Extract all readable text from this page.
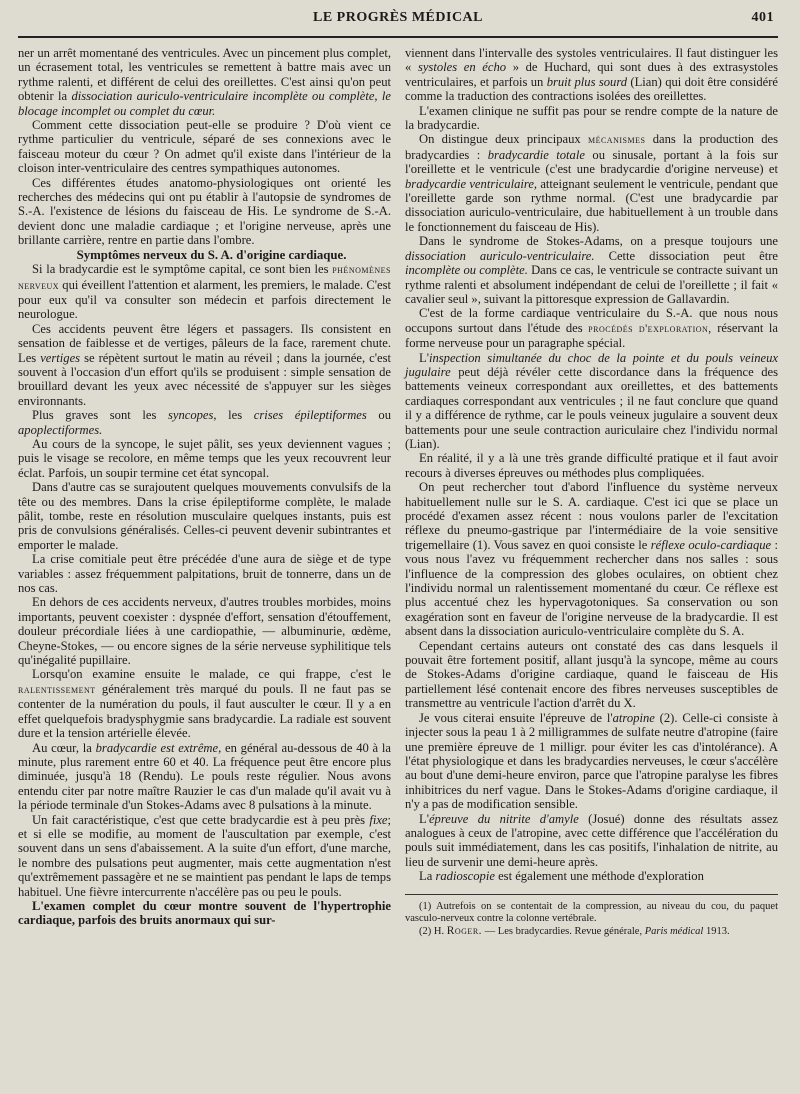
LE PROGRÈS MÉDICAL	401

ner un arrêt momentané des ventricules. Avec un pincement plus complet, un écrasement total, les ventricules se remettent à battre mais avec un rythme ralenti, et différent de celui des oreillettes. C'est ainsi qu'on peut obtenir la dissociation auriculo-ventriculaire incomplète ou complète, le blocage incomplet ou complet du cœur.

Comment cette dissociation peut-elle se produire ? D'où vient ce rythme particulier du ventricule, séparé de ses connexions avec le faisceau moteur du cœur ? On admet qu'il existe dans l'intérieur de la cloison inter-ventriculaire des centres sympathiques autonomes.

Ces différentes études anatomo-physiologiques ont orienté les recherches des médecins qui ont pu établir à l'autopsie de syndromes de S.-A. l'existence de lésions du faisceau de His. Le syndrome de S.-A. devient donc une maladie cardiaque ; et l'origine nerveuse, après une brillante carrière, rentre en partie dans l'ombre.

Symptômes nerveux du S. A. d'origine cardiaque.

Si la bradycardie est le symptôme capital, ce sont bien les phénomènes nerveux qui éveillent l'attention et alarment, les premiers, le malade. C'est pour eux qu'il va consulter son médecin et parfois directement le neurologue.

Ces accidents peuvent être légers et passagers. Ils consistent en sensation de faiblesse et de vertiges, pâleurs de la face, rarement chute. Les vertiges se répètent surtout le matin au réveil ; dans la journée, c'est souvent à l'occasion d'un effort qu'ils se produisent : simple sensation de brouillard devant les yeux avec nécessité de s'appuyer sur les sièges environnants.

Plus graves sont les syncopes, les crises épileptiformes ou apoplectiformes.

Au cours de la syncope, le sujet pâlit, ses yeux deviennent vagues ; puis le visage se recolore, en même temps que les yeux recouvrent leur éclat. Parfois, un soupir termine cet état syncopal.

Dans d'autre cas se surajoutent quelques mouvements convulsifs de la tête ou des membres. Dans la crise épileptiforme complète, le malade pâlit, tombe, reste en résolution musculaire quelques instants, puis est pris de convulsions généralisés. Celles-ci peuvent devenir subintrantes et emporter le malade.

La crise comitiale peut être précédée d'une aura de siège et de type variables : assez fréquemment palpitations, bruit de tonnerre, dans un de nos cas.

En dehors de ces accidents nerveux, d'autres troubles morbides, moins importants, peuvent coexister : dyspnée d'effort, sensation d'étouffement, douleur précordiale liées à une cardiopathie, — albuminurie, œdème, Cheyne-Stokes, — ou encore signes de la série nerveuse syphilitique tels qu'inégalité pupillaire.

Lorsqu'on examine ensuite le malade, ce qui frappe, c'est le ralentissement généralement très marqué du pouls. Il ne faut pas se contenter de la numération du pouls, il faut ausculter le cœur. Il y a en effet quelquefois bradysphygmie sans bradycardie. La radiale est souvent dure et la tension artérielle élevée.

Au cœur, la bradycardie est extrême, en général au-dessous de 40 à la minute, plus rarement entre 60 et 40. La fréquence peut être encore plus diminuée, jusqu'à 18 (Rendu). Le pouls reste régulier. Nous avons entendu citer par notre maître Rauzier le cas d'un malade qu'il avait vu à la période terminale d'un Stokes-Adams avec 8 pulsations à la minute.

Un fait caractéristique, c'est que cette bradycardie est à peu près fixe; et si elle se modifie, au moment de l'auscultation par exemple, c'est souvent dans un sens d'abaissement. A la suite d'un effort, d'une marche, le nombre des pulsations peut augmenter, mais cette augmentation n'est qu'extrêmement passagère et ne se maintient pas pendant le laps de temps habituel. Une fièvre intercurrente n'accélère pas ou peu le pouls.

L'examen complet du cœur montre souvent de l'hypertrophie cardiaque, parfois des bruits anormaux qui sur-

viennent dans l'intervalle des systoles ventriculaires. Il faut distinguer les « systoles en écho » de Huchard, qui sont dues à des extrasystoles ventriculaires, et parfois un bruit plus sourd (Lian) qui doit être considéré comme la traduction des contractions isolées des oreillettes.

L'examen clinique ne suffit pas pour se rendre compte de la nature de la bradycardie.

On distingue deux principaux mécanismes dans la production des bradycardies : bradycardie totale ou sinusale, portant à la fois sur l'oreillette et le ventricule (c'est une bradycardie d'origine nerveuse) et bradycardie ventriculaire, atteignant seulement le ventricule, pendant que l'oreillette garde son rythme normal. (C'est une bradycardie par dissociation auriculo-ventriculaire, due habituellement à un trouble dans le fonctionnement du faisceau de His).

Dans le syndrome de Stokes-Adams, on a presque toujours une dissociation auriculo-ventriculaire. Cette dissociation peut être incomplète ou complète. Dans ce cas, le ventricule se contracte suivant un rythme ralenti et absolument indépendant de celui de l'oreillette ; il fait « cavalier seul », suivant la pittoresque expression de Gallavardin.

C'est de la forme cardiaque ventriculaire du S.-A. que nous nous occupons surtout dans l'étude des procédés d'exploration, réservant la forme nerveuse pour un paragraphe spécial.

L'inspection simultanée du choc de la pointe et du pouls veineux jugulaire peut déjà révéler cette discordance dans la fréquence des battements veineux correspondant aux oreillettes, et des battements cardiaques correspondant aux ventricules ; il ne faut conclure que quand il y a différence de rythme, car le pouls veineux jugulaire a souvent deux battements pour une seule contraction auriculaire chez l'individu normal (Lian).

En réalité, il y a là une très grande difficulté pratique et il faut avoir recours à diverses épreuves ou méthodes plus compliquées.

On peut rechercher tout d'abord l'influence du système nerveux habituellement nulle sur le S. A. cardiaque. C'est ici que se place un procédé d'examen assez récent : nous voulons parler de l'excitation réflexe du pneumo-gastrique par l'intermédiaire de la voie sensitive trigemellaire (1). Vous savez en quoi consiste le réflexe oculo-cardiaque : vous nous l'avez vu fréquemment rechercher dans nos salles : sous l'influence de la compression des globes oculaires, on obtient chez l'individu normal un ralentissement momentané du cœur. Ce réflexe est plus accentué chez les hypervagotoniques. Sa conservation ou son exagération sont en faveur de l'origine nerveuse de la bradycardie. Il est absent dans la dissociation auriculo-ventriculaire complète du S. A.

Cependant certains auteurs ont constaté des cas dans lesquels il pouvait être fortement positif, allant jusqu'à la syncope, même au cours de Stokes-Adams d'origine cardiaque, quand le faisceau de His partiellement lésé contenait encore des fibres nerveuses susceptibles de transmettre au ventricule l'action d'arrêt du X.

Je vous citerai ensuite l'épreuve de l'atropine (2). Celle-ci consiste à injecter sous la peau 1 à 2 milligrammes de sulfate neutre d'atropine (faire une première épreuve de 1 milligr. pour éviter les cas d'intolérance). A l'état physiologique et dans les bradycardies nerveuses, le cœur s'accélère au bout d'une demi-heure environ, parce que l'atropine paralyse les fibres inhibitrices du nerf vague. Dans le Stokes-Adams d'origine cardiaque, il n'y a pas de modification sensible.

L'épreuve du nitrite d'amyle (Josué) donne des résultats assez analogues à ceux de l'atropine, avec cette différence que l'accélération du pouls suit immédiatement, dans les cas positifs, l'inhalation de nitrite, au lieu de survenir une demi-heure après.

La radioscopie est également une méthode d'exploration

(1) Autrefois on se contentait de la compression, au niveau du cou, du paquet vasculo-nerveux contre la colonne vertébrale.

(2) H. Roger. — Les bradycardies. Revue générale, Paris médical 1913.
